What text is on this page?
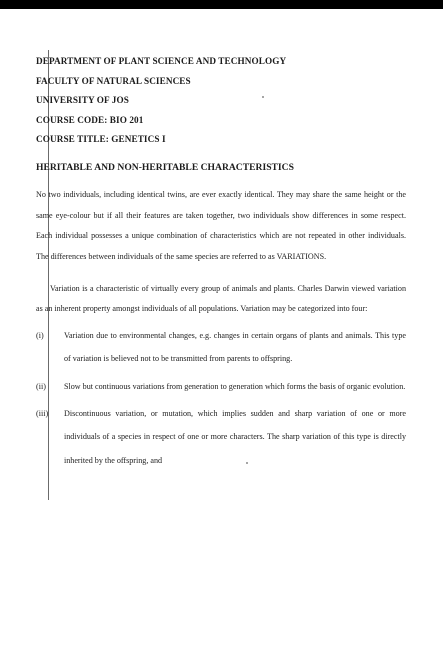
DEPARTMENT OF PLANT SCIENCE AND TECHNOLOGY
FACULTY OF NATURAL SCIENCES
UNIVERSITY OF JOS
COURSE CODE: BIO 201
COURSE TITLE: GENETICS I
HERITABLE AND NON-HERITABLE CHARACTERISTICS

No two individuals, including identical twins, are ever exactly identical. They may share the same height or the same eye-colour but if all their features are taken together, two individuals show differences in some respect. Each individual possesses a unique combination of characteristics which are not repeated in other individuals. The differences between individuals of the same species are referred to as VARIATIONS.

Variation is a characteristic of virtually every group of animals and plants. Charles Darwin viewed variation as an inherent property amongst individuals of all populations. Variation may be categorized into four:

(i)	Variation due to environmental changes, e.g. changes in certain organs of plants and animals. This type of variation is believed not to be transmitted from parents to offspring.

(ii) Slow but continuous variations from generation to generation which forms the basis of organic evolution.

(iii) Discontinuous variation, or mutation, which implies sudden and sharp variation of one or more individuals of a species in respect of one or more characters. The sharp variation of this type is directly inherited by the offspring, and
